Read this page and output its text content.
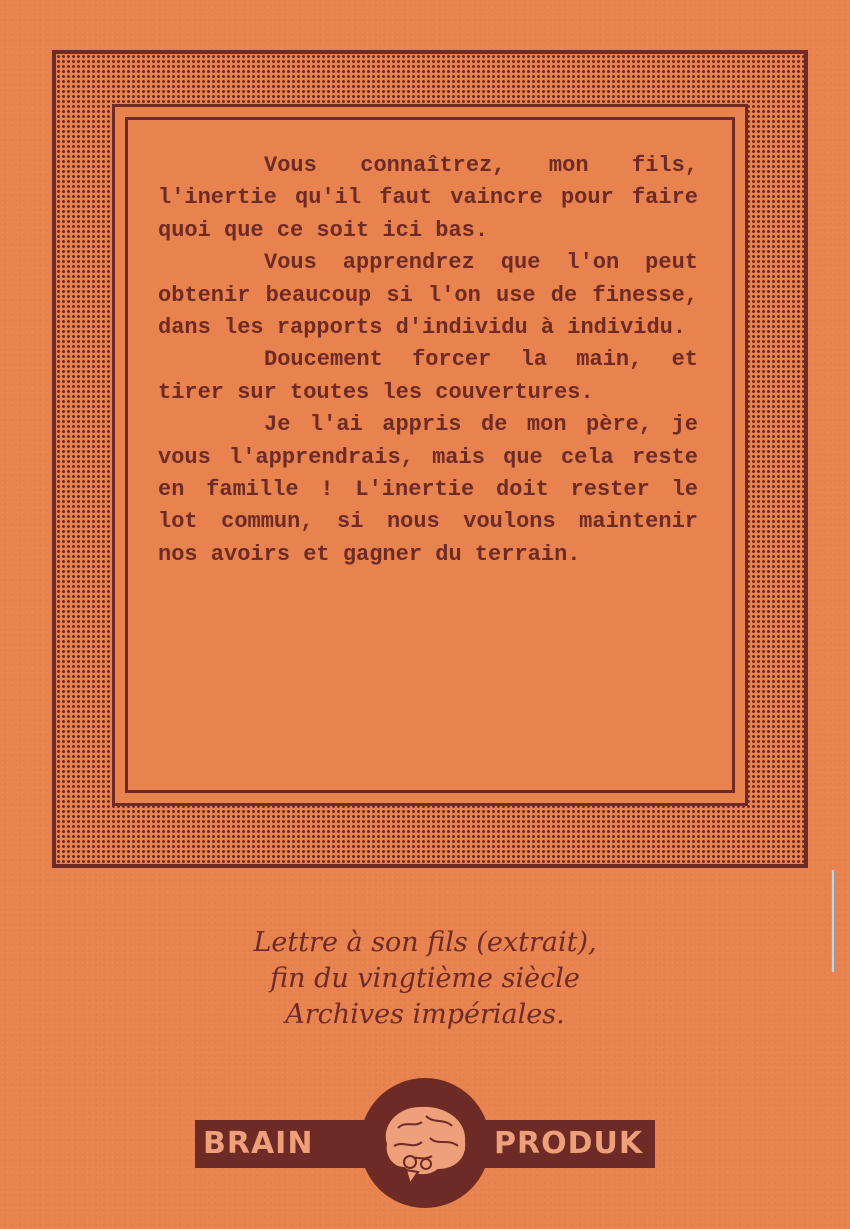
Vous connaîtrez, mon fils, l'inertie qu'il faut vaincre pour faire quoi que ce soit ici bas.

Vous apprendrez que l'on peut obtenir beaucoup si l'on use de finesse, dans les rapports d'individu à individu.

Doucement forcer la main, et tirer sur toutes les couvertures.

Je l'ai appris de mon père, je vous l'apprendrais, mais que cela reste en famille ! L'inertie doit rester le lot commun, si nous voulons maintenir nos avoirs et gagner du terrain.

Lettre à son fils (extrait),
fin du vingtième siècle
Archives impériales.
BRAIN	PRODUK
